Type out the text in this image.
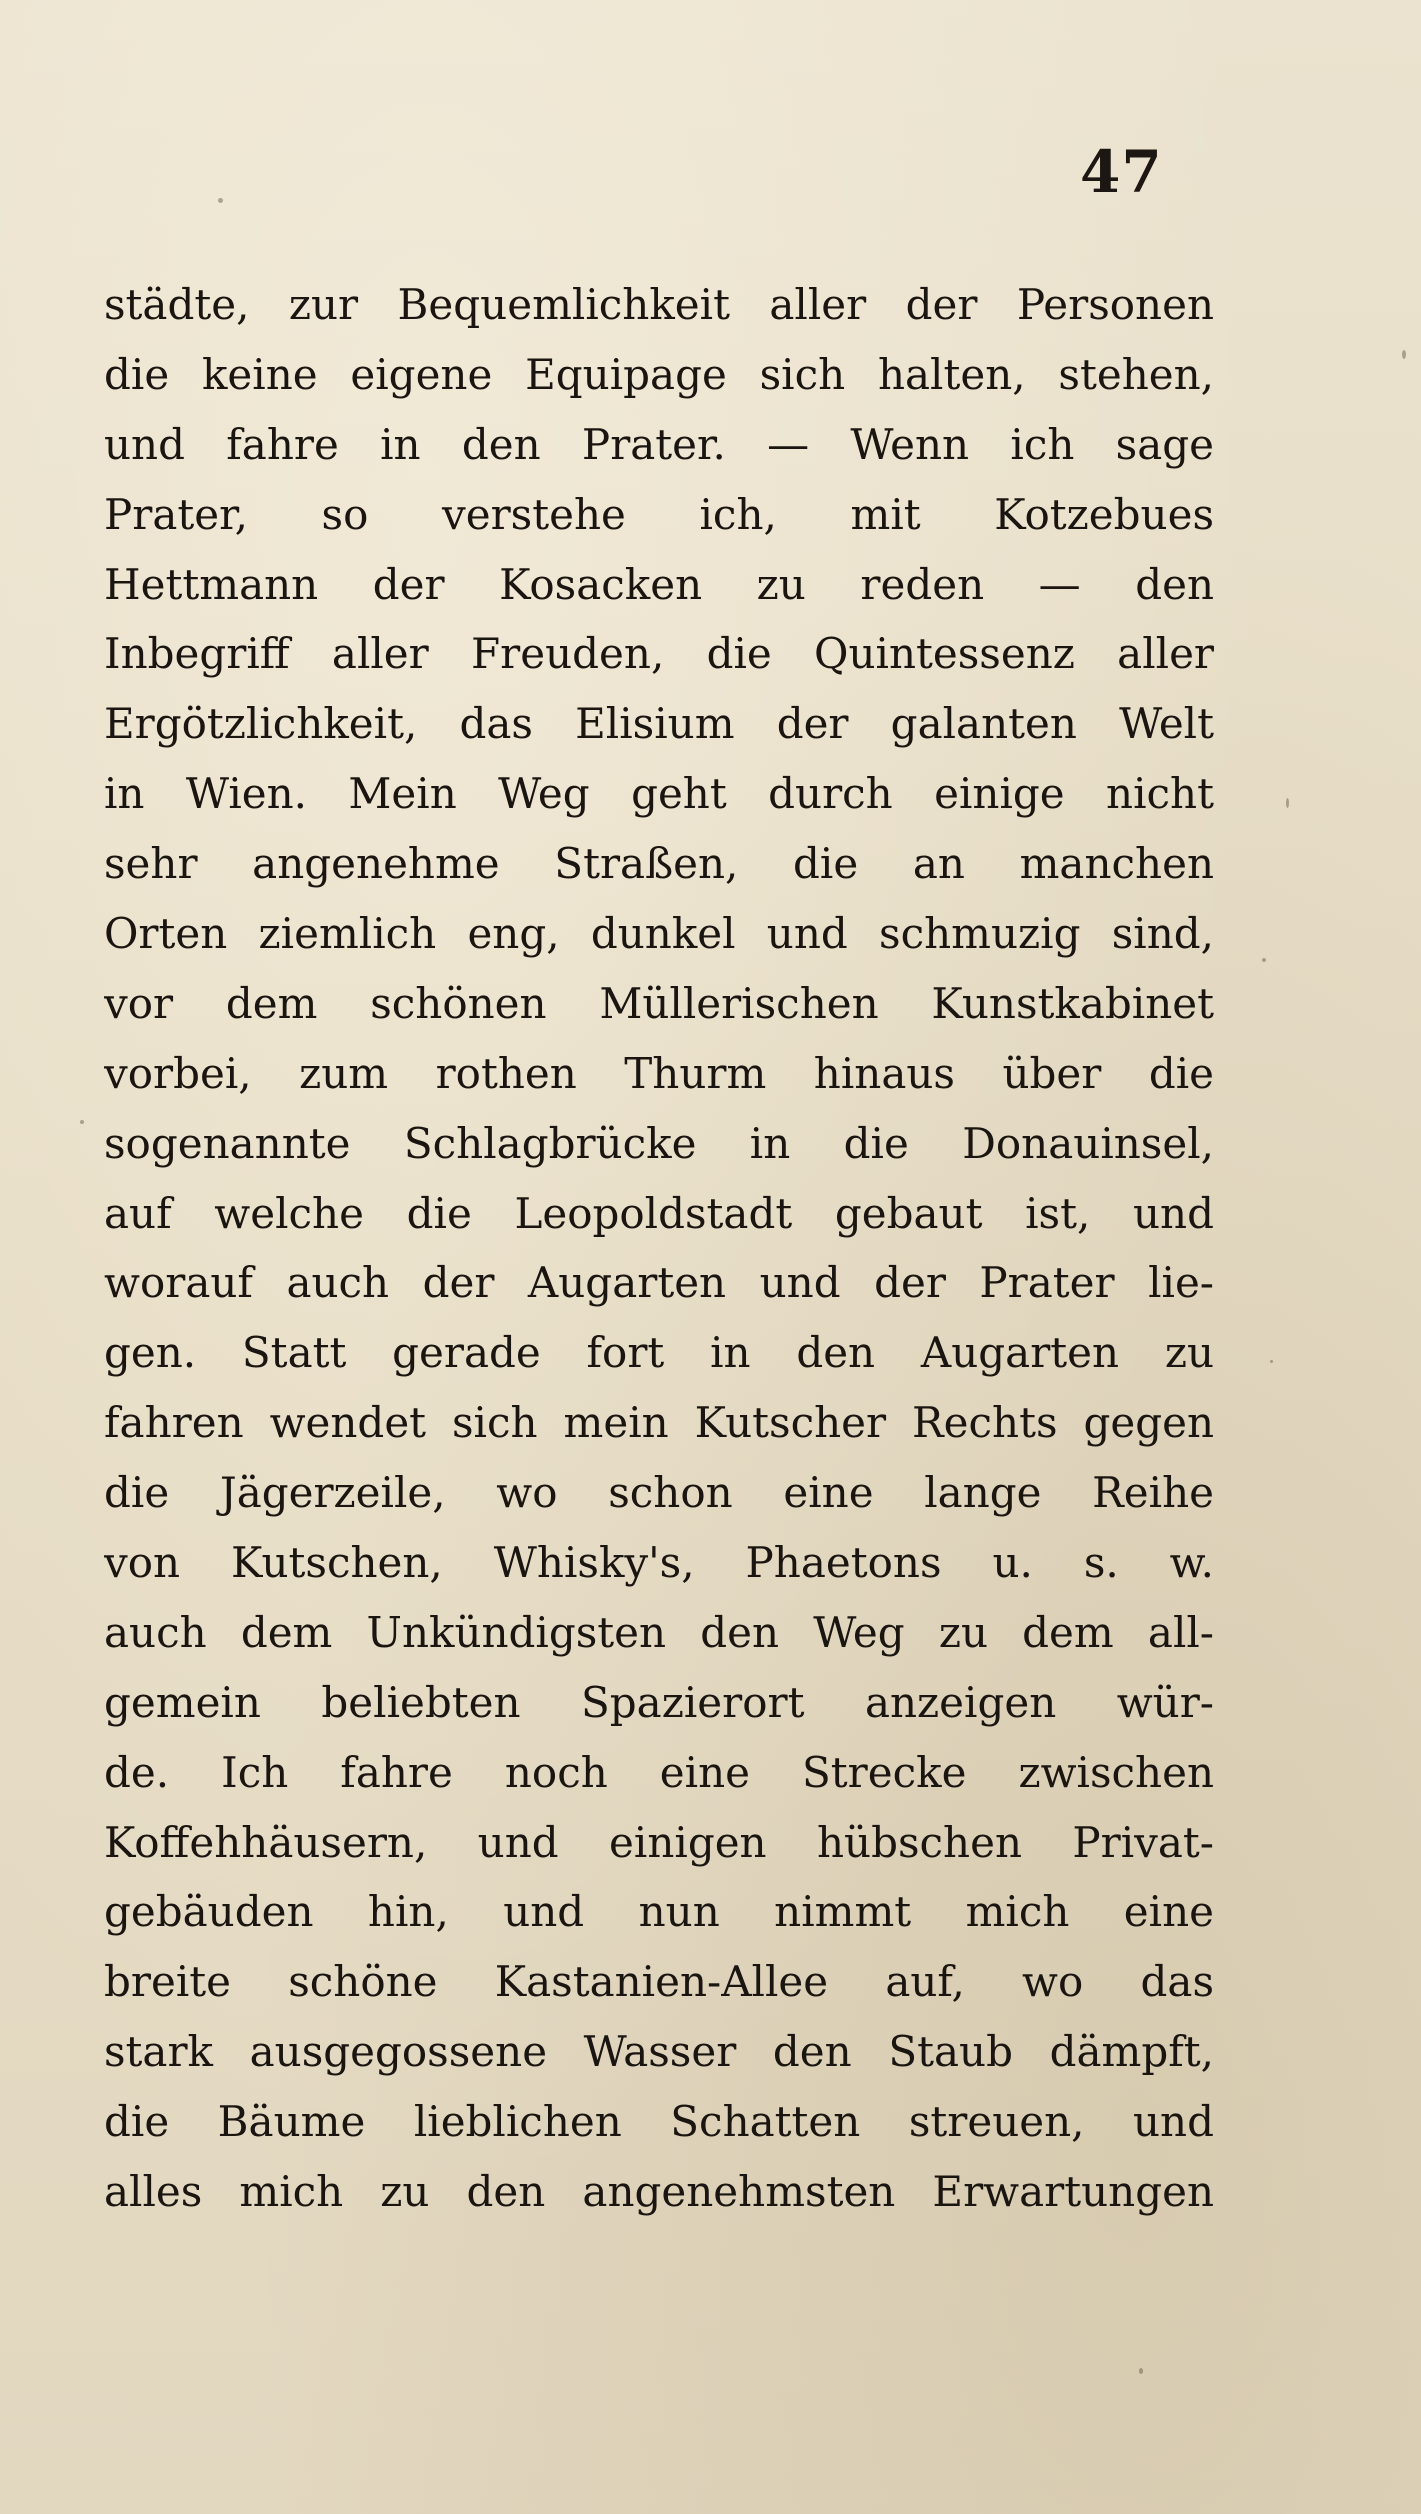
47
städte, zur Bequemlichkeit aller der Personen
die keine eigene Equipage sich halten, stehen,
und fahre in den Prater. — Wenn ich sage
Prater, so verstehe ich, mit Kotzebues
Hettmann der Kosacken zu reden — den
Inbegriff aller Freuden, die Quintessenz aller
Ergötzlichkeit, das Elisium der galanten Welt
in Wien. Mein Weg geht durch einige nicht
sehr angenehme Straßen, die an manchen
Orten ziemlich eng, dunkel und schmuzig sind,
vor dem schönen Müllerischen Kunstkabinet
vorbei, zum rothen Thurm hinaus über die
sogenannte Schlagbrücke in die Donauinsel,
auf welche die Leopoldstadt gebaut ist, und
worauf auch der Augarten und der Prater lie-
gen. Statt gerade fort in den Augarten zu
fahren wendet sich mein Kutscher Rechts gegen
die Jägerzeile, wo schon eine lange Reihe
von Kutschen, Whisky's, Phaetons u. s. w.
auch dem Unkündigsten den Weg zu dem all-
gemein beliebten Spazierort anzeigen wür-
de. Ich fahre noch eine Strecke zwischen
Koffehhäusern, und einigen hübschen Privat-
gebäuden hin, und nun nimmt mich eine
breite schöne Kastanien-Allee auf, wo das
stark ausgegossene Wasser den Staub dämpft,
die Bäume lieblichen Schatten streuen, und
alles mich zu den angenehmsten Erwartungen
